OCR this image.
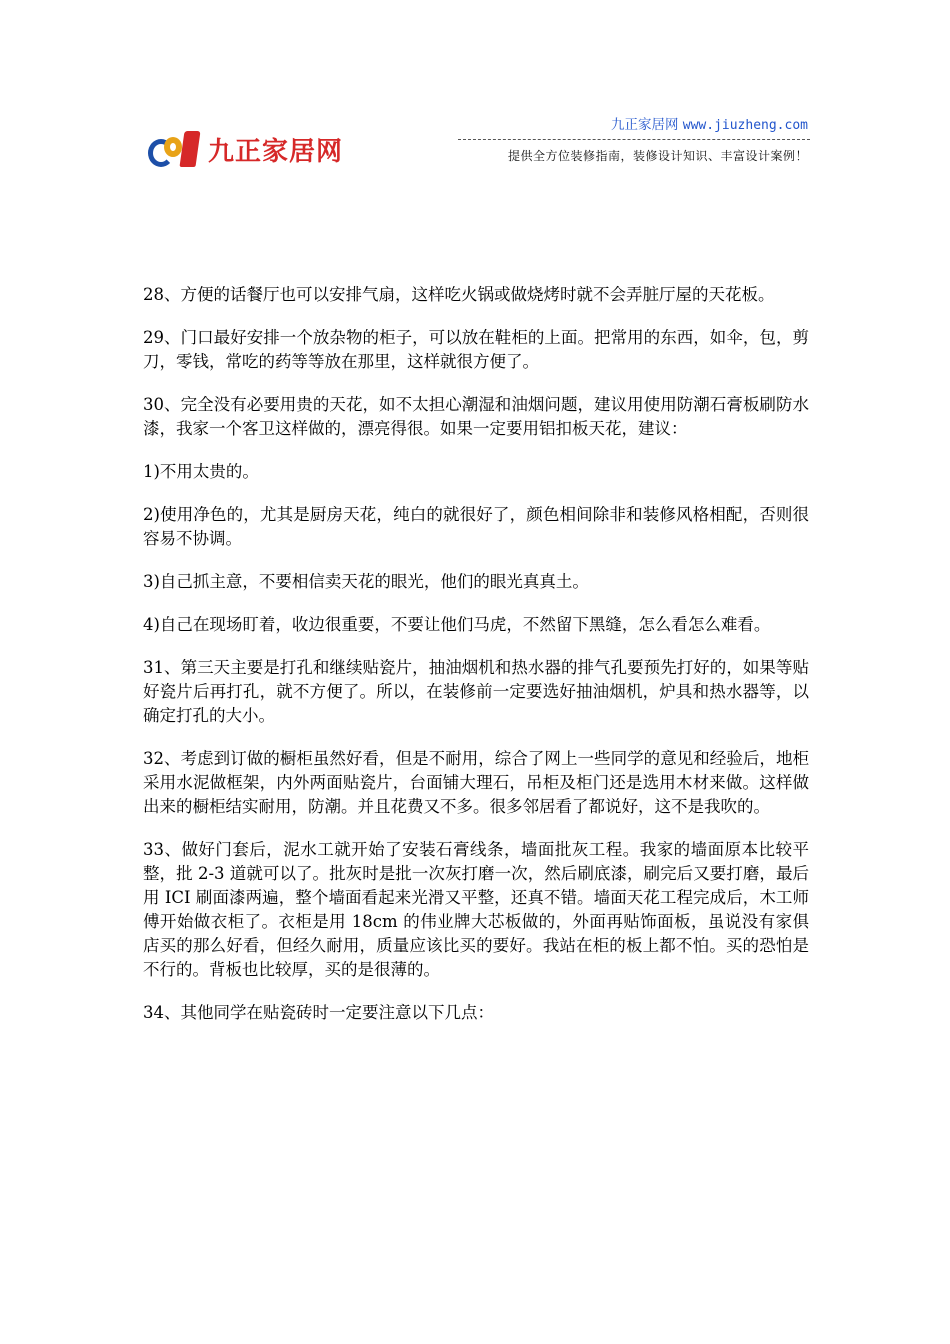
九正家居网
九正家居网 www.jiuzheng.com
提供全方位装修指南，装修设计知识、丰富设计案例！

28、方便的话餐厅也可以安排气扇，这样吃火锅或做烧烤时就不会弄脏厅屋的天花板。

29、门口最好安排一个放杂物的柜子，可以放在鞋柜的上面。把常用的东西，如伞，包，剪刀，零钱，常吃的药等等放在那里，这样就很方便了。

30、完全没有必要用贵的天花，如不太担心潮湿和油烟问题，建议用使用防潮石膏板刷防水漆，我家一个客卫这样做的，漂亮得很。如果一定要用铝扣板天花，建议：

1)不用太贵的。

2)使用净色的，尤其是厨房天花，纯白的就很好了，颜色相间除非和装修风格相配，否则很容易不协调。

3)自己抓主意，不要相信卖天花的眼光，他们的眼光真真土。

4)自己在现场盯着，收边很重要，不要让他们马虎，不然留下黑缝，怎么看怎么难看。

31、第三天主要是打孔和继续贴瓷片，抽油烟机和热水器的排气孔要预先打好的，如果等贴好瓷片后再打孔，就不方便了。所以，在装修前一定要选好抽油烟机，炉具和热水器等，以确定打孔的大小。

32、考虑到订做的橱柜虽然好看，但是不耐用，综合了网上一些同学的意见和经验后，地柜采用水泥做框架，内外两面贴瓷片，台面铺大理石，吊柜及柜门还是选用木材来做。这样做出来的橱柜结实耐用，防潮。并且花费又不多。很多邻居看了都说好，这不是我吹的。

33、做好门套后，泥水工就开始了安装石膏线条，墙面批灰工程。我家的墙面原本比较平整，批 2-3 道就可以了。批灰时是批一次灰打磨一次，然后刷底漆，刷完后又要打磨，最后用 ICI 刷面漆两遍，整个墙面看起来光滑又平整，还真不错。墙面天花工程完成后，木工师傅开始做衣柜了。衣柜是用 18cm 的伟业牌大芯板做的，外面再贴饰面板，虽说没有家俱店买的那么好看，但经久耐用，质量应该比买的要好。我站在柜的板上都不怕。买的恐怕是不行的。背板也比较厚，买的是很薄的。

34、其他同学在贴瓷砖时一定要注意以下几点：
